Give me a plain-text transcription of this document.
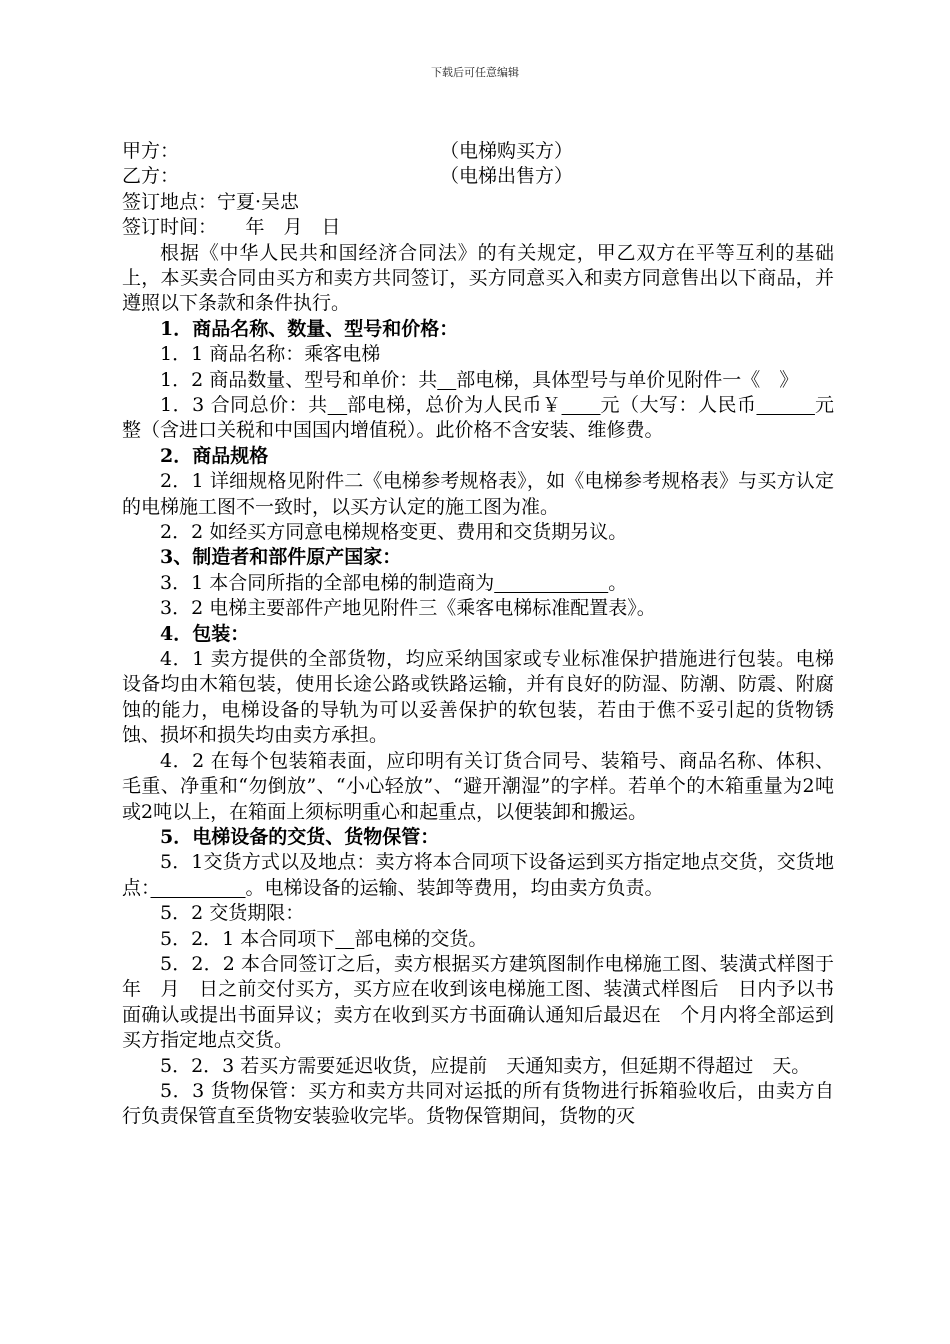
下载后可任意编辑
甲方：	（电梯购买方）
乙方：	（电梯出售方）
签订地点：宁夏·吴忠
签订时间：　　年　月　日

根据《中华人民共和国经济合同法》的有关规定，甲乙双方在平等互利的基础上，本买卖合同由买方和卖方共同签订，买方同意买入和卖方同意售出以下商品，并遵照以下条款和条件执行。

1．商品名称、数量、型号和价格：

1．1 商品名称：乘客电梯

1．2 商品数量、型号和单价：共　 部电梯，具体型号与单价见附件一《　》

1．3 合同总价：共　 部电梯，总价为人民币￥　　 元（大写：人民币　　　	元整（含进口关税和中国国内增值税）。此价格不含安装、维修费。

2．商品规格

2．1 详细规格见附件二《电梯参考规格表》，如《电梯参考规格表》与买方认定的电梯施工图不一致时，以买方认定的施工图为准。

2．2 如经买方同意电梯规格变更、费用和交货期另议。

3、制造者和部件原产国家：

3．1 本合同所指的全部电梯的制造商为　　　　　　	。

3．2 电梯主要部件产地见附件三《乘客电梯标准配置表》。

4．包装：

4．1 卖方提供的全部货物，均应采纳国家或专业标准保护措施进行包装。电梯设备均由木箱包装，使用长途公路或铁路运输，并有良好的防湿、防潮、防震、附腐蚀的能力，电梯设备的导轨为可以妥善保护的软包装，若由于僬不妥引起的货物锈蚀、损坏和损失均由卖方承担。

4．2 在每个包装箱表面，应印明有关订货合同号、装箱号、商品名称、体积、毛重、净重和“勿倒放”、“小心轻放”、“避开潮湿”的字样。若单个的木箱重量为2吨或2吨以上，在箱面上须标明重心和起重点，以便装卸和搬运。

5．电梯设备的交货、货物保管：

5．1交货方式以及地点：卖方将本合同项下设备运到买方指定地点交货，交货地点：　　　　　	。电梯设备的运输、装卸等费用，均由卖方负责。

5．2 交货期限：

5．2．1 本合同项下　 部电梯的交货。

5．2．2 本合同签订之后，卖方根据买方建筑图制作电梯施工图、装潢式样图于　年　月　日之前交付买方，买方应在收到该电梯施工图、装潢式样图后　日内予以书面确认或提出书面异议；卖方在收到买方书面确认通知后最迟在　个月内将全部运到买方指定地点交货。

5．2．3 若买方需要延迟收货，应提前　天通知卖方，但延期不得超过　天。

5．3 货物保管：买方和卖方共同对运抵的所有货物进行拆箱验收后，由卖方自行负责保管直至货物安装验收完毕。货物保管期间，货物的灭
